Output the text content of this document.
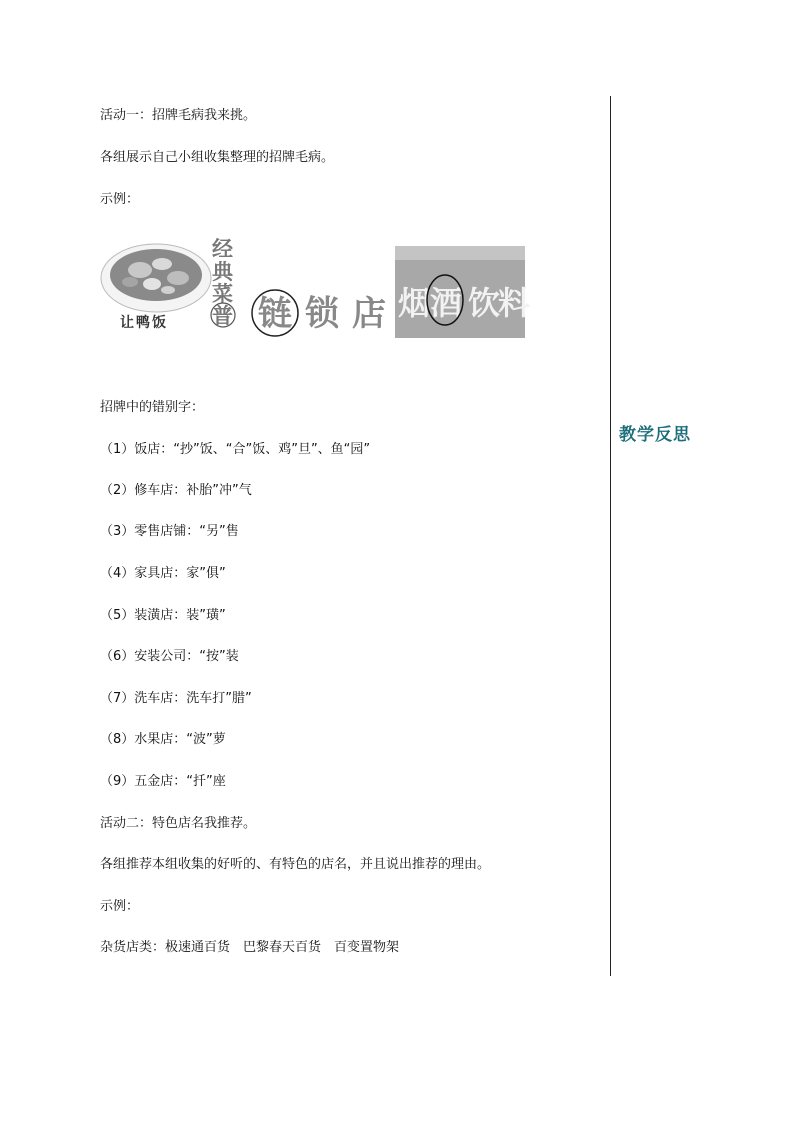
活动一：招牌毛病我来挑。
各组展示自己小组收集整理的招牌毛病。
示例：
招牌中的错别字：
（1）饭店：“抄”饭、“合”饭、鸡”旦”、鱼“园”
（2）修车店：补胎”冲”气
（3）零售店铺：“另”售
（4）家具店：家”俱”
（5）装潢店：装”璜”
（6）安装公司：“按”装
（7）洗车店：洗车打”腊”
（8）水果店：“波”萝
（9）五金店：“扦”座
活动二：特色店名我推荐。
各组推荐本组收集的好听的、有特色的店名，并且说出推荐的理由。
示例：
杂货店类：极速通百货　巴黎春天百货　百变置物架
经
典
菜
普 链 锁 店 烟 酒 饮
料
让鸭饭
教学反思
